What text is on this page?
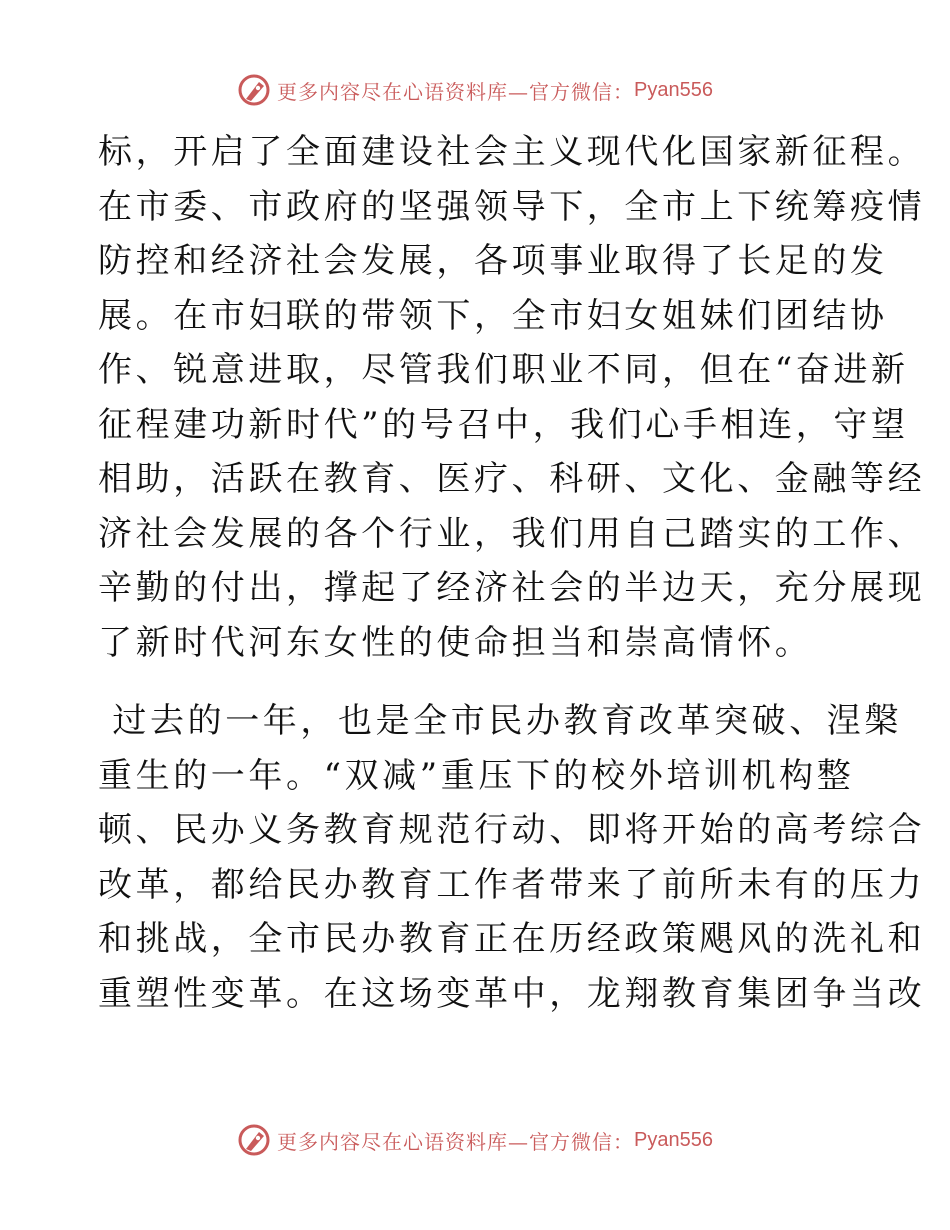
更多内容尽在心语资料库—官方微信： Pyan556
标，开启了全面建设社会主义现代化国家新征程。
在市委、市政府的坚强领导下，全市上下统筹疫情
防控和经济社会发展，各项事业取得了长足的发
展。在市妇联的带领下，全市妇女姐妹们团结协
作、锐意进取，尽管我们职业不同，但在“奋进新
征程建功新时代”的号召中，我们心手相连，守望
相助，活跃在教育、医疗、科研、文化、金融等经
济社会发展的各个行业，我们用自己踏实的工作、
辛勤的付出，撑起了经济社会的半边天，充分展现
了新时代河东女性的使命担当和崇高情怀。
过去的一年，也是全市民办教育改革突破、涅槃
重生的一年。“双减”重压下的校外培训机构整
顿、民办义务教育规范行动、即将开始的高考综合
改革，都给民办教育工作者带来了前所未有的压力
和挑战，全市民办教育正在历经政策飓风的洗礼和
重塑性变革。在这场变革中，龙翔教育集团争当改
更多内容尽在心语资料库—官方微信： Pyan556
